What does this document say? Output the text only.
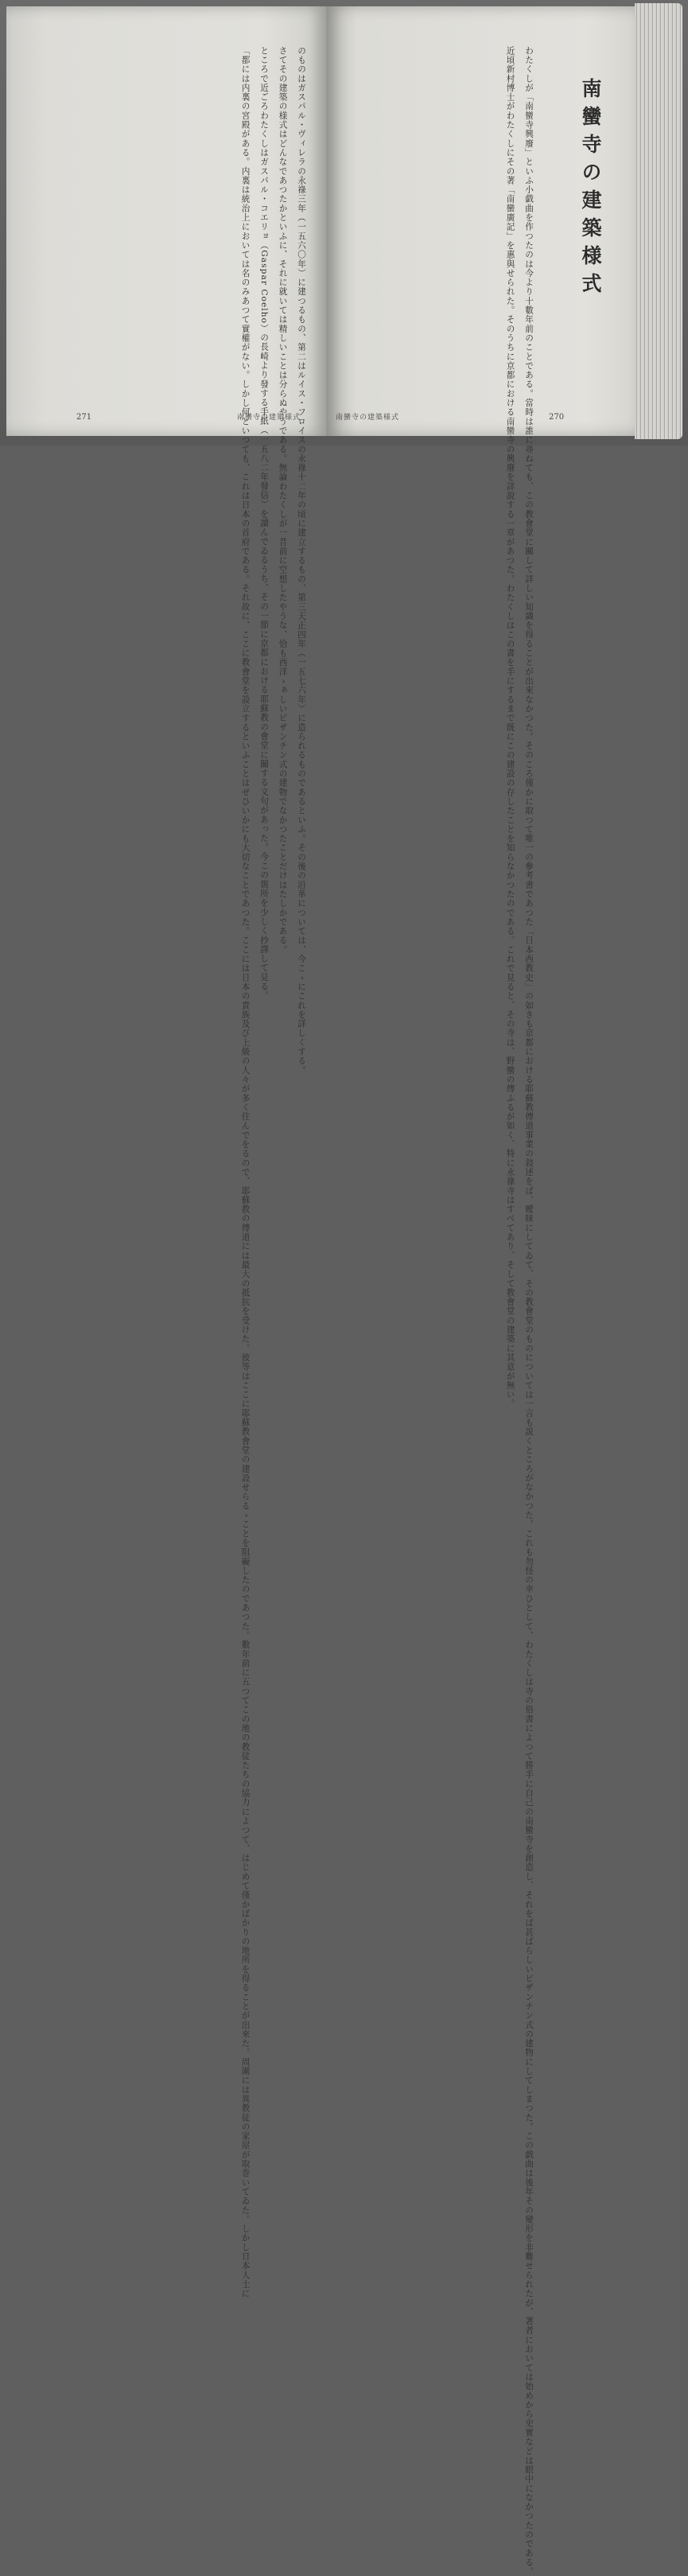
のものはガスパル・ヴィレラの永祿三年（一五六〇年）に建つるもの、第二はルイス・フロイスの永祿十二年の頃に建立するもの、第三天正四年（一五七六年）に造られるものであるといふ。その後の沿革については、今こゝにこれを詳しくする。
さてその建築の様式はどんなであつたかといふに、それに就いては精しいことは分らぬやうである。無論わたくしが一昔前に空想したやうな、恰も西洋ゝぁしいビザンチン式の建物でなかつたことだけはたしかである。
ところで近ごろわたくしはガスパル・コエリョ（Gaspar Coelho）の長崎より發する手紙（一五八二年發信）を讀んでゐるうち、その一節に京都における耶蘇教の會堂に關する文句があった。今この箇所を少しく抄譯して見る。
「都には内裏の宮殿がある。内裏は統治上においては名のみあつて實權がない。しかし何といつても、これは日本の首府である。それ故に、ここに教會堂を設立するといふことはぜひいかにも大切なことであつた。ここには日本の貴族及び上級の人々が多く住んでをるので、耶蘇教の傳道には最大の抵抗を受けた。彼等はここに耶蘇教會堂の建設せらるゝことを阻礙したのであつた。數年前に五つてこの地の教徒たちの協力によつて、はじめて僅かばかりの地所を得ることが出來た。周圍には異教徒の家屋が取巻いてゐた。しかし日本人士に
271	南蠻寺の建築様式
南蠻寺の建築様式
わたくしが「南蠻寺興廢」といふ小戯曲を作つたのは今より十數年前のことである。當時は誰に尋ねても、この教會堂に關して詳しい知識を得ることが出來なかつた。そのころ僅かに取つて唯一の參考書であつた「日本西教史」の如きも京都における耶蘇教傳道事業の敍述をば、曖昧にしてゐて、その教會堂のものについては一言も説くところがなかつた。これも勿怪の幸ひとして、わたくしは寺の俗書によつて勝手に自己の南蠻寺を創造し、それをば甚ばらしいビザンチン式の建物にしてしまつた。この戯曲は後年その變形を非難せられたが、著者においては始めから史實などは眼中になかつたのである。
近頃新村博士がわたくしにその著「南蠻廣記」を惠與せられた。そのうちに京都における南蠻寺の興廢を詳說する一章があつた。わたくしはこの書を手にするまで既にこの建設の存したことを知らなかつたのである。これで見ると、その寺は、野蠻の傳ふるが如く、特に永祿寺はすべてあり、そして教會堂の建築に其意が無い。
南蠻寺の建築様式	270
